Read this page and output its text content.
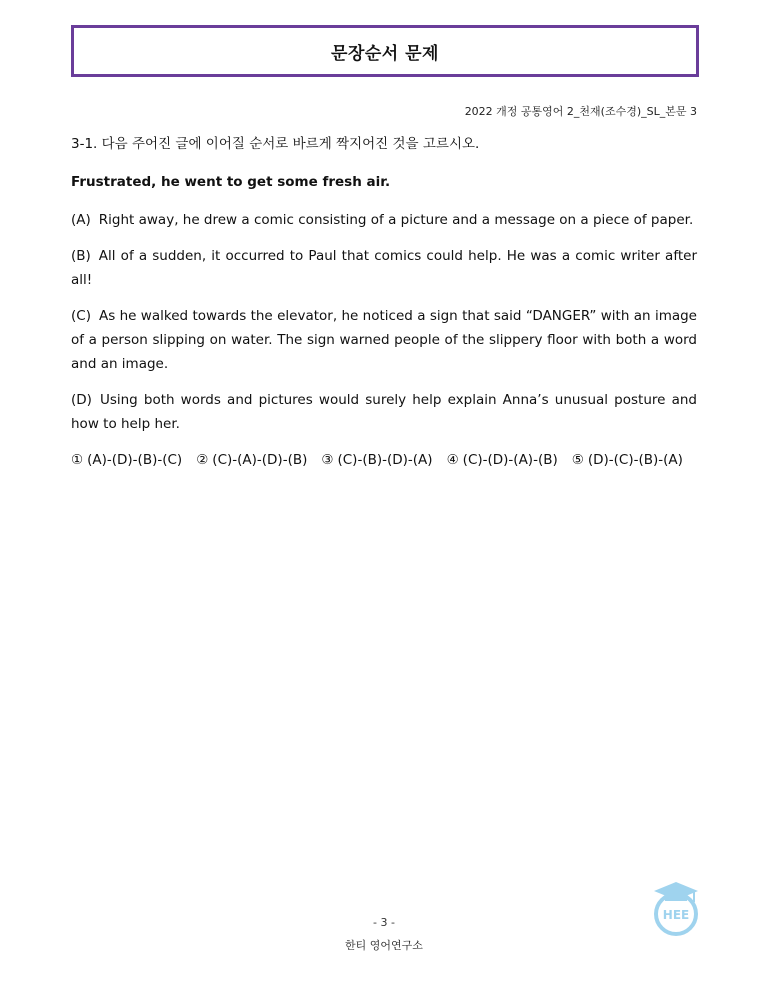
문장순서 문제
2022 개정 공통영어 2_천재(조수경)_SL_본문 3

3-1. 다음 주어진 글에 이어질 순서로 바르게 짝지어진 것을 고르시오.

Frustrated, he went to get some fresh air.

(A) Right away, he drew a comic consisting of a picture and a message on a piece of paper.

(B) All of a sudden, it occurred to Paul that comics could help. He was a comic writer after all!

(C) As he walked towards the elevator, he noticed a sign that said “DANGER” with an image of a person slipping on water. The sign warned people of the slippery floor with both a word and an image.

(D) Using both words and pictures would surely help explain Anna’s unusual posture and how to help her.

① (A)-(D)-(B)-(C) ② (C)-(A)-(D)-(B) ③ (C)-(B)-(D)-(A) ④ (C)-(D)-(A)-(B) ⑤ (D)-(C)-(B)-(A)
HEE
- 3 -
한티 영어연구소
